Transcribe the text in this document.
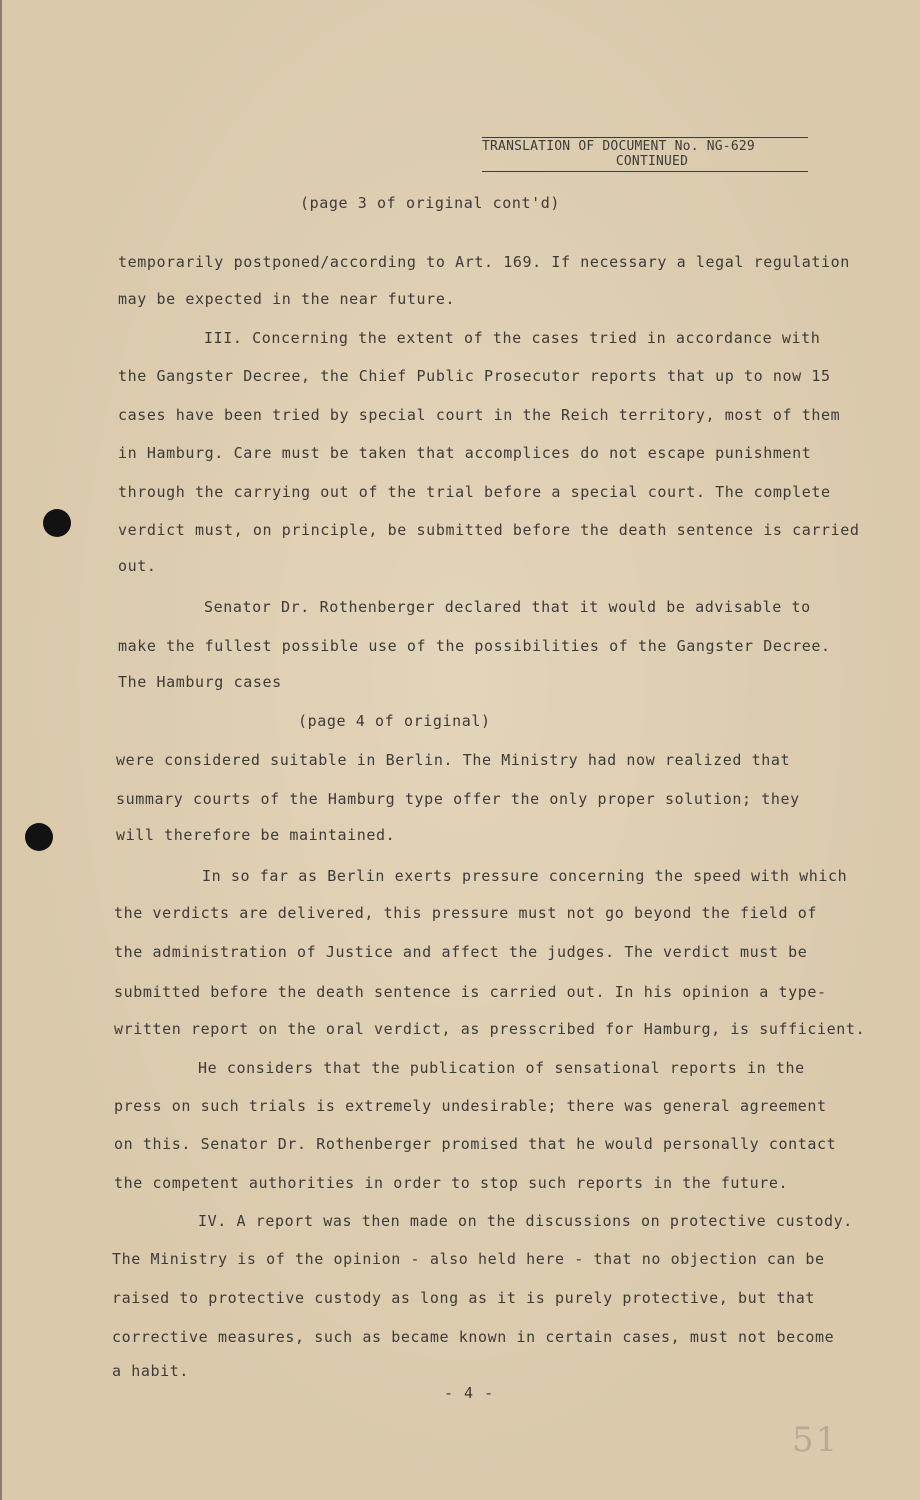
TRANSLATION OF DOCUMENT No. NG-629
CONTINUED
(page 3 of original cont'd)
temporarily postponed/according to Art. 169. If necessary a legal regulation
may be expected in the near future.
III. Concerning the extent of the cases tried in accordance with
the Gangster Decree, the Chief Public Prosecutor reports that up to now 15
cases have been tried by special court in the Reich territory, most of them
in Hamburg. Care must be taken that accomplices do not escape punishment
through the carrying out of the trial before a special court. The complete
verdict must, on principle, be submitted before the death sentence is carried
out.
Senator Dr. Rothenberger declared that it would be advisable to
make the fullest possible use of the possibilities of the Gangster Decree.
The Hamburg cases
(page 4 of original)
were considered suitable in Berlin. The Ministry had now realized that
summary courts of the Hamburg type offer the only proper solution; they
will therefore be maintained.
In so far as Berlin exerts pressure concerning the speed with which
the verdicts are delivered, this pressure must not go beyond the field of
the administration of Justice and affect the judges. The verdict must be
submitted before the death sentence is carried out. In his opinion a type-
written report on the oral verdict, as presscribed for Hamburg, is sufficient.
He considers that the publication of sensational reports in the
press on such trials is extremely undesirable; there was general agreement
on this. Senator Dr. Rothenberger promised that he would personally contact
the competent authorities in order to stop such reports in the future.
IV. A report was then made on the discussions on protective custody.
The Ministry is of the opinion - also held here - that no objection can be
raised to protective custody as long as it is purely protective, but that
corrective measures, such as became known in certain cases, must not become
a habit.
- 4 -
51
